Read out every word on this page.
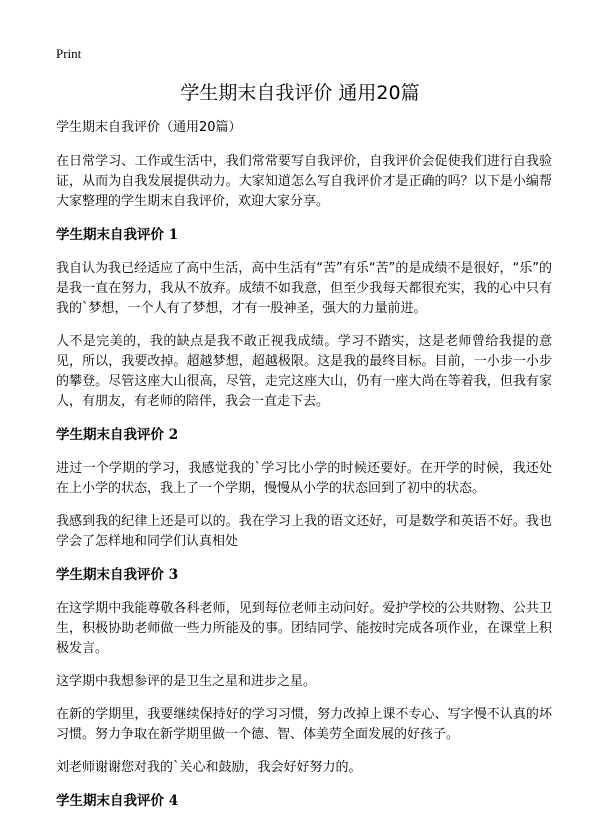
Print
学生期末自我评价 通用20篇

学生期末自我评价（通用20篇）

在日常学习、工作或生活中，我们常常要写自我评价，自我评价会促使我们进行自我验证，从而为自我发展提供动力。大家知道怎么写自我评价才是正确的吗？以下是小编帮大家整理的学生期末自我评价，欢迎大家分享。

学生期末自我评价 1

我自认为我已经适应了高中生活，高中生活有“苦”有乐“苦”的是成绩不是很好，“乐”的是我一直在努力，我从不放弃。成绩不如我意，但至少我每天都很充实，我的心中只有我的`梦想，一个人有了梦想，才有一股神圣，强大的力量前进。

人不是完美的，我的缺点是我不敢正视我成绩。学习不踏实，这是老师曾给我提的意见，所以，我要改掉。超越梦想，超越极限。这是我的最终目标。目前，一小步一小步的攀登。尽管这座大山很高，尽管，走完这座大山，仍有一座大尚在等着我，但我有家人，有朋友，有老师的陪伴，我会一直走下去。

学生期末自我评价 2

进过一个学期的学习，我感觉我的`学习比小学的时候还要好。在开学的时候，我还处在上小学的状态，我上了一个学期，慢慢从小学的状态回到了初中的状态。

我感到我的纪律上还是可以的。我在学习上我的语文还好，可是数学和英语不好。我也学会了怎样地和同学们认真相处

学生期末自我评价 3

在这学期中我能尊敬各科老师，见到每位老师主动问好。爱护学校的公共财物、公共卫生，积极协助老师做一些力所能及的事。团结同学、能按时完成各项作业，在课堂上积极发言。

这学期中我想参评的是卫生之星和进步之星。

在新的学期里，我要继续保持好的学习习惯，努力改掉上课不专心、写字慢不认真的坏习惯。努力争取在新学期里做一个德、智、体美劳全面发展的好孩子。

刘老师谢谢您对我的`关心和鼓励，我会好好努力的。

学生期末自我评价 4
